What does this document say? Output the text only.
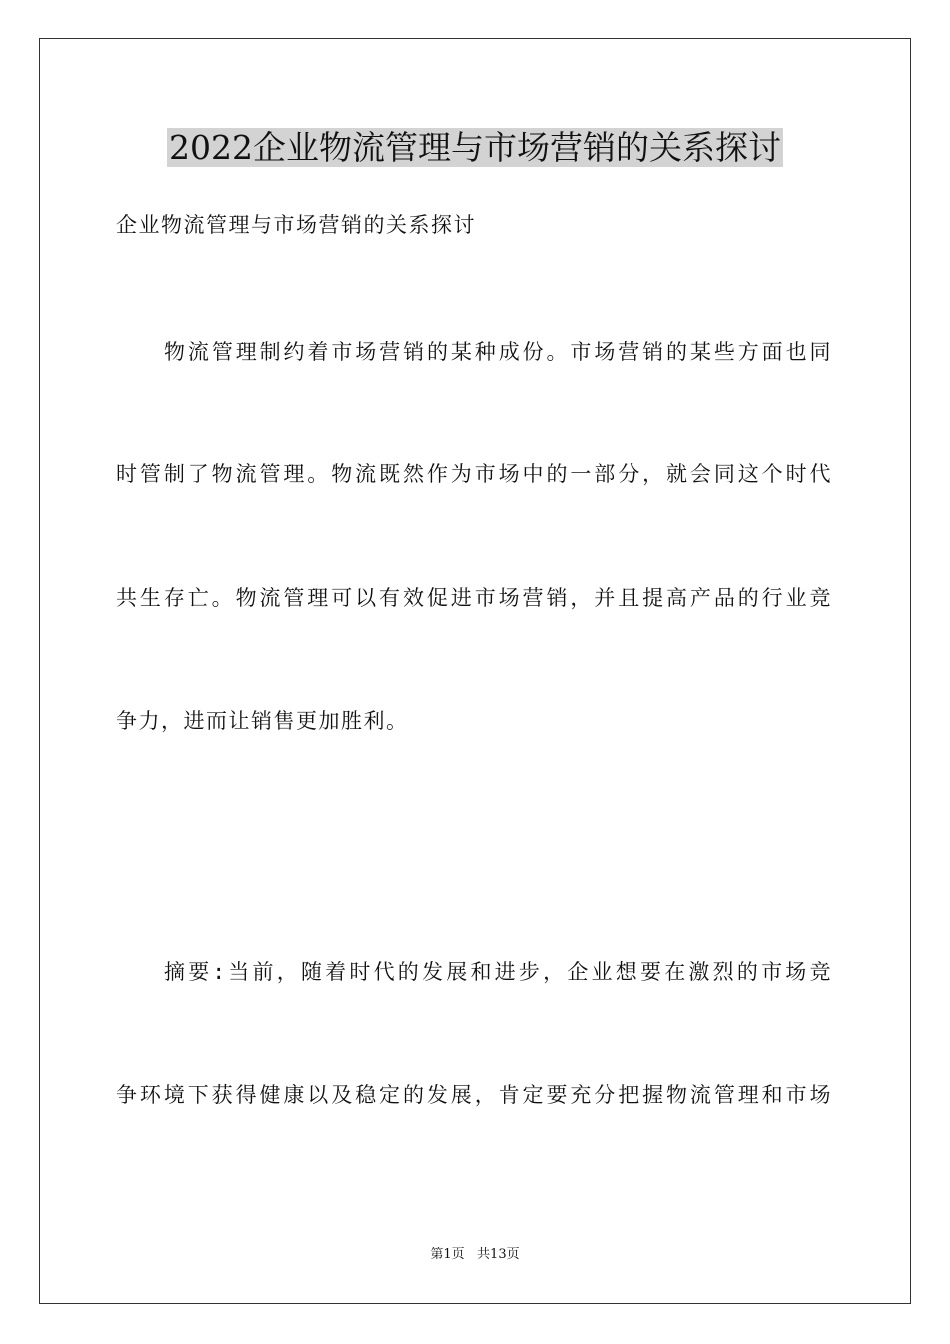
2022企业物流管理与市场营销的关系探讨
企业物流管理与市场营销的关系探讨
物流管理制约着市场营销的某种成份。市场营销的某些方面也同
时管制了物流管理。物流既然作为市场中的一部分，就会同这个时代
共生存亡。物流管理可以有效促进市场营销，并且提高产品的行业竞
争力，进而让销售更加胜利。
摘要:当前，随着时代的发展和进步，企业想要在激烈的市场竞
争环境下获得健康以及稳定的发展，肯定要充分把握物流管理和市场
第1页   共13页
